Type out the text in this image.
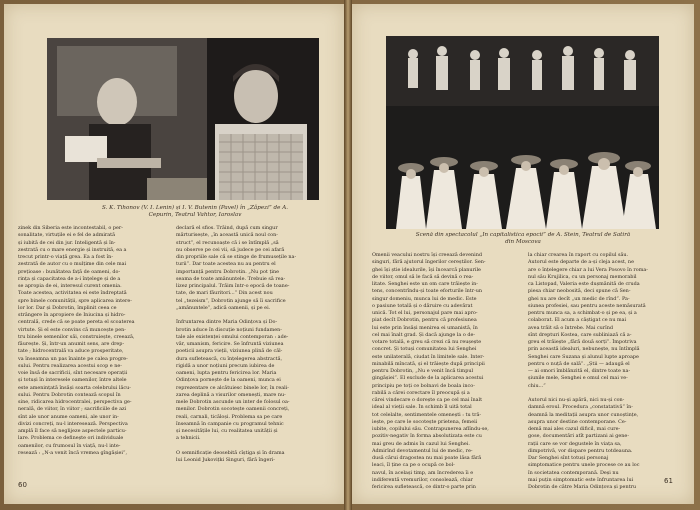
S. K. Tihonov (V. I. Lenin) și I. V. Butenin (Pavel) în „Zăpezi” de A. Cepurin, Teatrul Vahtor, Iaroslav
zinek din Siberia este incontestabil, o per-
sonalitate, virtuțile ei e fel de admirată
și iubită de cei din jur. Inteligentă și în-
zestrată cu o mare energie și instruită, ea a
trecut printr-o viață grea. Ea a fost în-
zestrată de autor cu o mulțime din cele mai
prețioase : bunătatea față de oameni, do-
rința și capacitatea de a-i înțelege și de a
se apropia de ei, interesul curent omenia.
Toate acestea, activitatea ei este îndreptată
spre binele comunității, spre aplicarea intere-
lor lor. Dar și Dobrotin, împlinit ceea ce
strângere în apropiere de Iniucina și hidro-
centrală, crede că se poate pereta el scoaterea
virtute. Și el este convins că muncește pen-
tru binele semenilor săi, construiește, creează,
făurește. Și, într-un anumit sens, are drep-
tate ; hidrocentrală va aduce prosperitate,
va înseamna un pas înainte pe calea progre-
sului. Pentru realizarea acestui scop e ne-
voie însă de sacrificii, sînt necesare operații
și totuși în interesele oamenilor, între altele
este amenințată însăși soarta celebrului lăcu-
sului. Pentru Dobrotin contează scopul în
sine, ridicarea hidrocentralei, perspectiva ge-
nerală, de viitor, în viitor ; sacrificiile de azi
sînt ale unor anume oameni, ale unor in-
divizi concreți, nu-l interesează. Perspectiva
amplă îl face să neglijeze aspectele particu-
lare. Problema ce definește ori individuale
oamenilor, cu frumosul în viață, nu-l inte-
resează : „N-a venit încă vremea gîngășiei”,
declară el sfios. Trăind, după cum singur
mărturisește, „în această unică noul con-
struct”, el recunoaște că i se întîmplă „să
nu observe pe cei vii, să judece pe cei afară
din propriile sale că se stinge de frumusețile na-
turii”. Dar toate acestea nu au pentru el
importanță pentru Dobrotin. „Nu pot ține
seama de toate amănuntele. Trebuie să rea-
lizez principalul. Trăim într-o epocă de toane-
tate, de mari făuritori...” Din acest nou
tel „tezeism”, Dobrotin ajunge să îi sacrifice
„amănuntele”, adică oamenii, și pe ei.

Înfruntarea dintre Maria Odințova și Do-
brotin aduce în discuție noțiuni fundamen-
tale ale existenței omului contemporan : ade-
văr, umanism, fericire. Se înfruntă viziunea
poeticii asupra vieții, viziunea plină de căl-
dura sufletească, cu înțelegerea abstractă,
rigidă a unor noțiuni precum iubirea de
oameni, lupta pentru fericirea lor. Maria
Odințova pornește de la oameni, munca ei
reprezentare ce alcătuiesc binele lor, în reali-
zarea deplină a visurilor omenești, mare nu-
mele Dobrotin ascunde un inter de folosul oa-
menilor. Dobrotin socotește oamenii concreți,
reali, carnali, ticăloși. Problema sa pe care
înseamnă în campanie cu programul tehnic
și necesitățile lui, cu realitatea unității și
a tehnicii.

O semnificație deosebită cîștiga și în drama
lui Leonid Jukovițki Singuri, fără îngeri-
60
Scenă din spectacolul „În capitalistica epocii” de A. Stein, Teatrul de Satiră
din Moscova
Omenii veacului nostru își creează devenind
singuri, fără ajutorul îngerilor cereștilor. Sen-
ghei își știe idealurile, își încearcă planurile
de viitor, omul să le facă să devină o rea-
litate. Senghei este un om care trăiește in-
tens, concentrîndu-și toate eforturile într-un
singur domeniu, munca lui de medic. Este
o pasiune totală și o dăruire cu adevărat
unică. Tot el lui, personajul pare mai apro-
piat decît Dobrotin, pentru că profesiunea
lui este prin însăși menirea ei umanistă, în
cel mai înalt grad. Și dacă ajunge la o de-
votare totală, e greu să crezi că nu reușește
concret. Și totuși comunitatea lui Senghei
este unilaterală, ciudat în limitele sale. Inter-
minabilă mîncată, și el trăiește după principii
pentru Dobrotin, „Nu e venit încă timpul
gingășiei”. El exclude de la aplicarea acestui
principiu pe toți ce bolnavi de boala inco-
rabilă a cărei corectare îl preocupă și a
cărei vindecare o dorește ca pe cel mai înalt
ideal al vieții sale. În schimb îl uită total
tot celelalte, sentimentele omenești : tu tră-
iește, pe care le socotește prietena, femeii
iubite, copilului său. Contrapunerea aflîndu-se,
pozitiv-negativ în forma absolutizata este cu
mai greu de admis în cazul lui Senghei.
Admirînd devotamentul lui de medic, re-
dusă cărui dragostea nu mai poate lăsa fără
leaci, îl ține ca pe o ocupă ce bol-
navul, în același timp, am încrederea îi e
indiferentă vremurilor, consolează, chiar
fericirea sufletească, ce dintr-o parte prin
la chiar crearea în raport cu copilul său.
Autorul este departe de a-și cleja acest, ne
are o înțelegere chiar a lui Vera Posovo în roma-
nul său Krujilica, cu un personaj memorabil
ca Listopad, Valeria este dușmănită de cruda
piesa chiar neobosită, deci spune că Sen-
ghei nu are decît „un medic de rînd”. Pa-
siunea profesiei, sau pentru aceste nemăsurată
pentru munca sa, a schimbat-o și pe ea, și a
colaborat. El acum a câștigat ce nu mai
avea trăit să o întrebe. Mai curînd
sînt drepturi Kostea, care subliniază că a-
greu el trăiește „fără două sorți”. Împotriva
prin această idealuri, nebunește, nu întîmplă
Senghei care Suzana și alunul lupte aproape
pentru o nuță de sală”. „Știi — adaugă el
— ai omori îmblânzită el, dintre toate na-
șiunile mele, Senghei e omul cel mai ve-
chiu...”

Autorul nici nu-și apără, nici nu-și con-
damnă eroul. Procedura „constatativă” în-
deamnă la meditații asupra unor cunoștințe,
asupra unor destine contemporane. Ce-
demă mai ales cazul dificil, mai cure-
gose, documentări atît partizani ai gene-
rații care se vor degustele în viața sa,
dimpotrivă, vor dispare pentru totdeauna.
Dar Senghei sînt totuși personaj
simptomatice pentru unele procese ce au loc
în societatea contemporană. Deși nu
mai puțin simptomatic este înfruntarea lui
Dobrotin de către Maria Odințova și pentru
61
